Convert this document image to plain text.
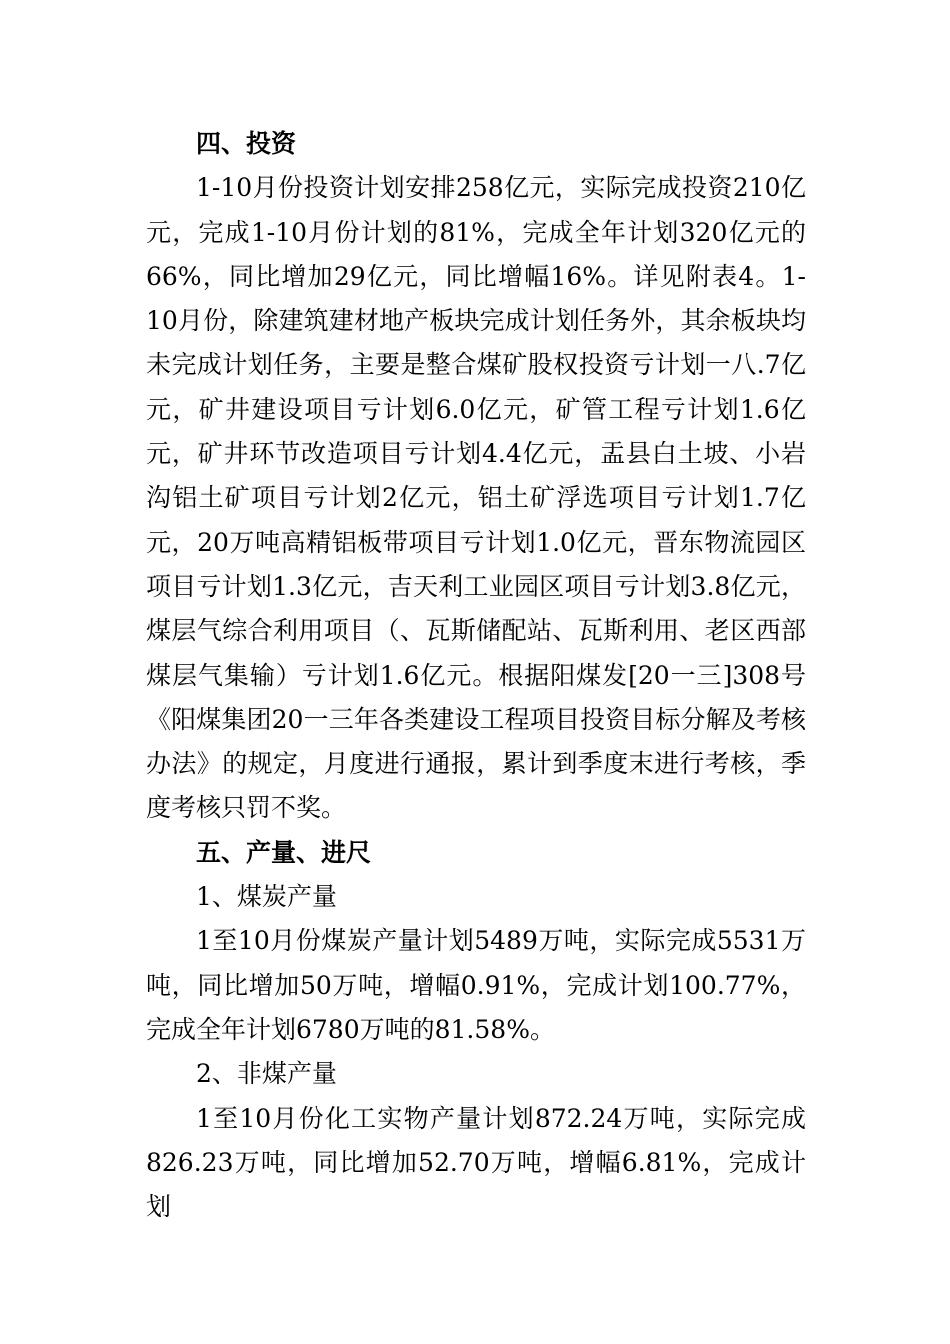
四、投资

1-10月份投资计划安排258亿元，实际完成投资210亿元，完成1-10月份计划的81%，完成全年计划320亿元的66%，同比增加29亿元，同比增幅16%。详见附表4。1-10月份，除建筑建材地产板块完成计划任务外，其余板块均未完成计划任务，主要是整合煤矿股权投资亏计划一八.7亿元，矿井建设项目亏计划6.0亿元，矿管工程亏计划1.6亿元，矿井环节改造项目亏计划4.4亿元，盂县白土坡、小岩沟铝土矿项目亏计划2亿元，铝土矿浮选项目亏计划1.7亿元，20万吨高精铝板带项目亏计划1.0亿元，晋东物流园区项目亏计划1.3亿元，吉天利工业园区项目亏计划3.8亿元，煤层气综合利用项目（、瓦斯储配站、瓦斯利用、老区西部煤层气集输）亏计划1.6亿元。根据阳煤发[20一三]308号《阳煤集团20一三年各类建设工程项目投资目标分解及考核办法》的规定，月度进行通报，累计到季度末进行考核，季度考核只罚不奖。

五、产量、进尺

1、煤炭产量

1至10月份煤炭产量计划5489万吨，实际完成5531万吨，同比增加50万吨，增幅0.91%，完成计划100.77%，完成全年计划6780万吨的81.58%。

2、非煤产量

1至10月份化工实物产量计划872.24万吨，实际完成826.23万吨，同比增加52.70万吨，增幅6.81%，完成计划
